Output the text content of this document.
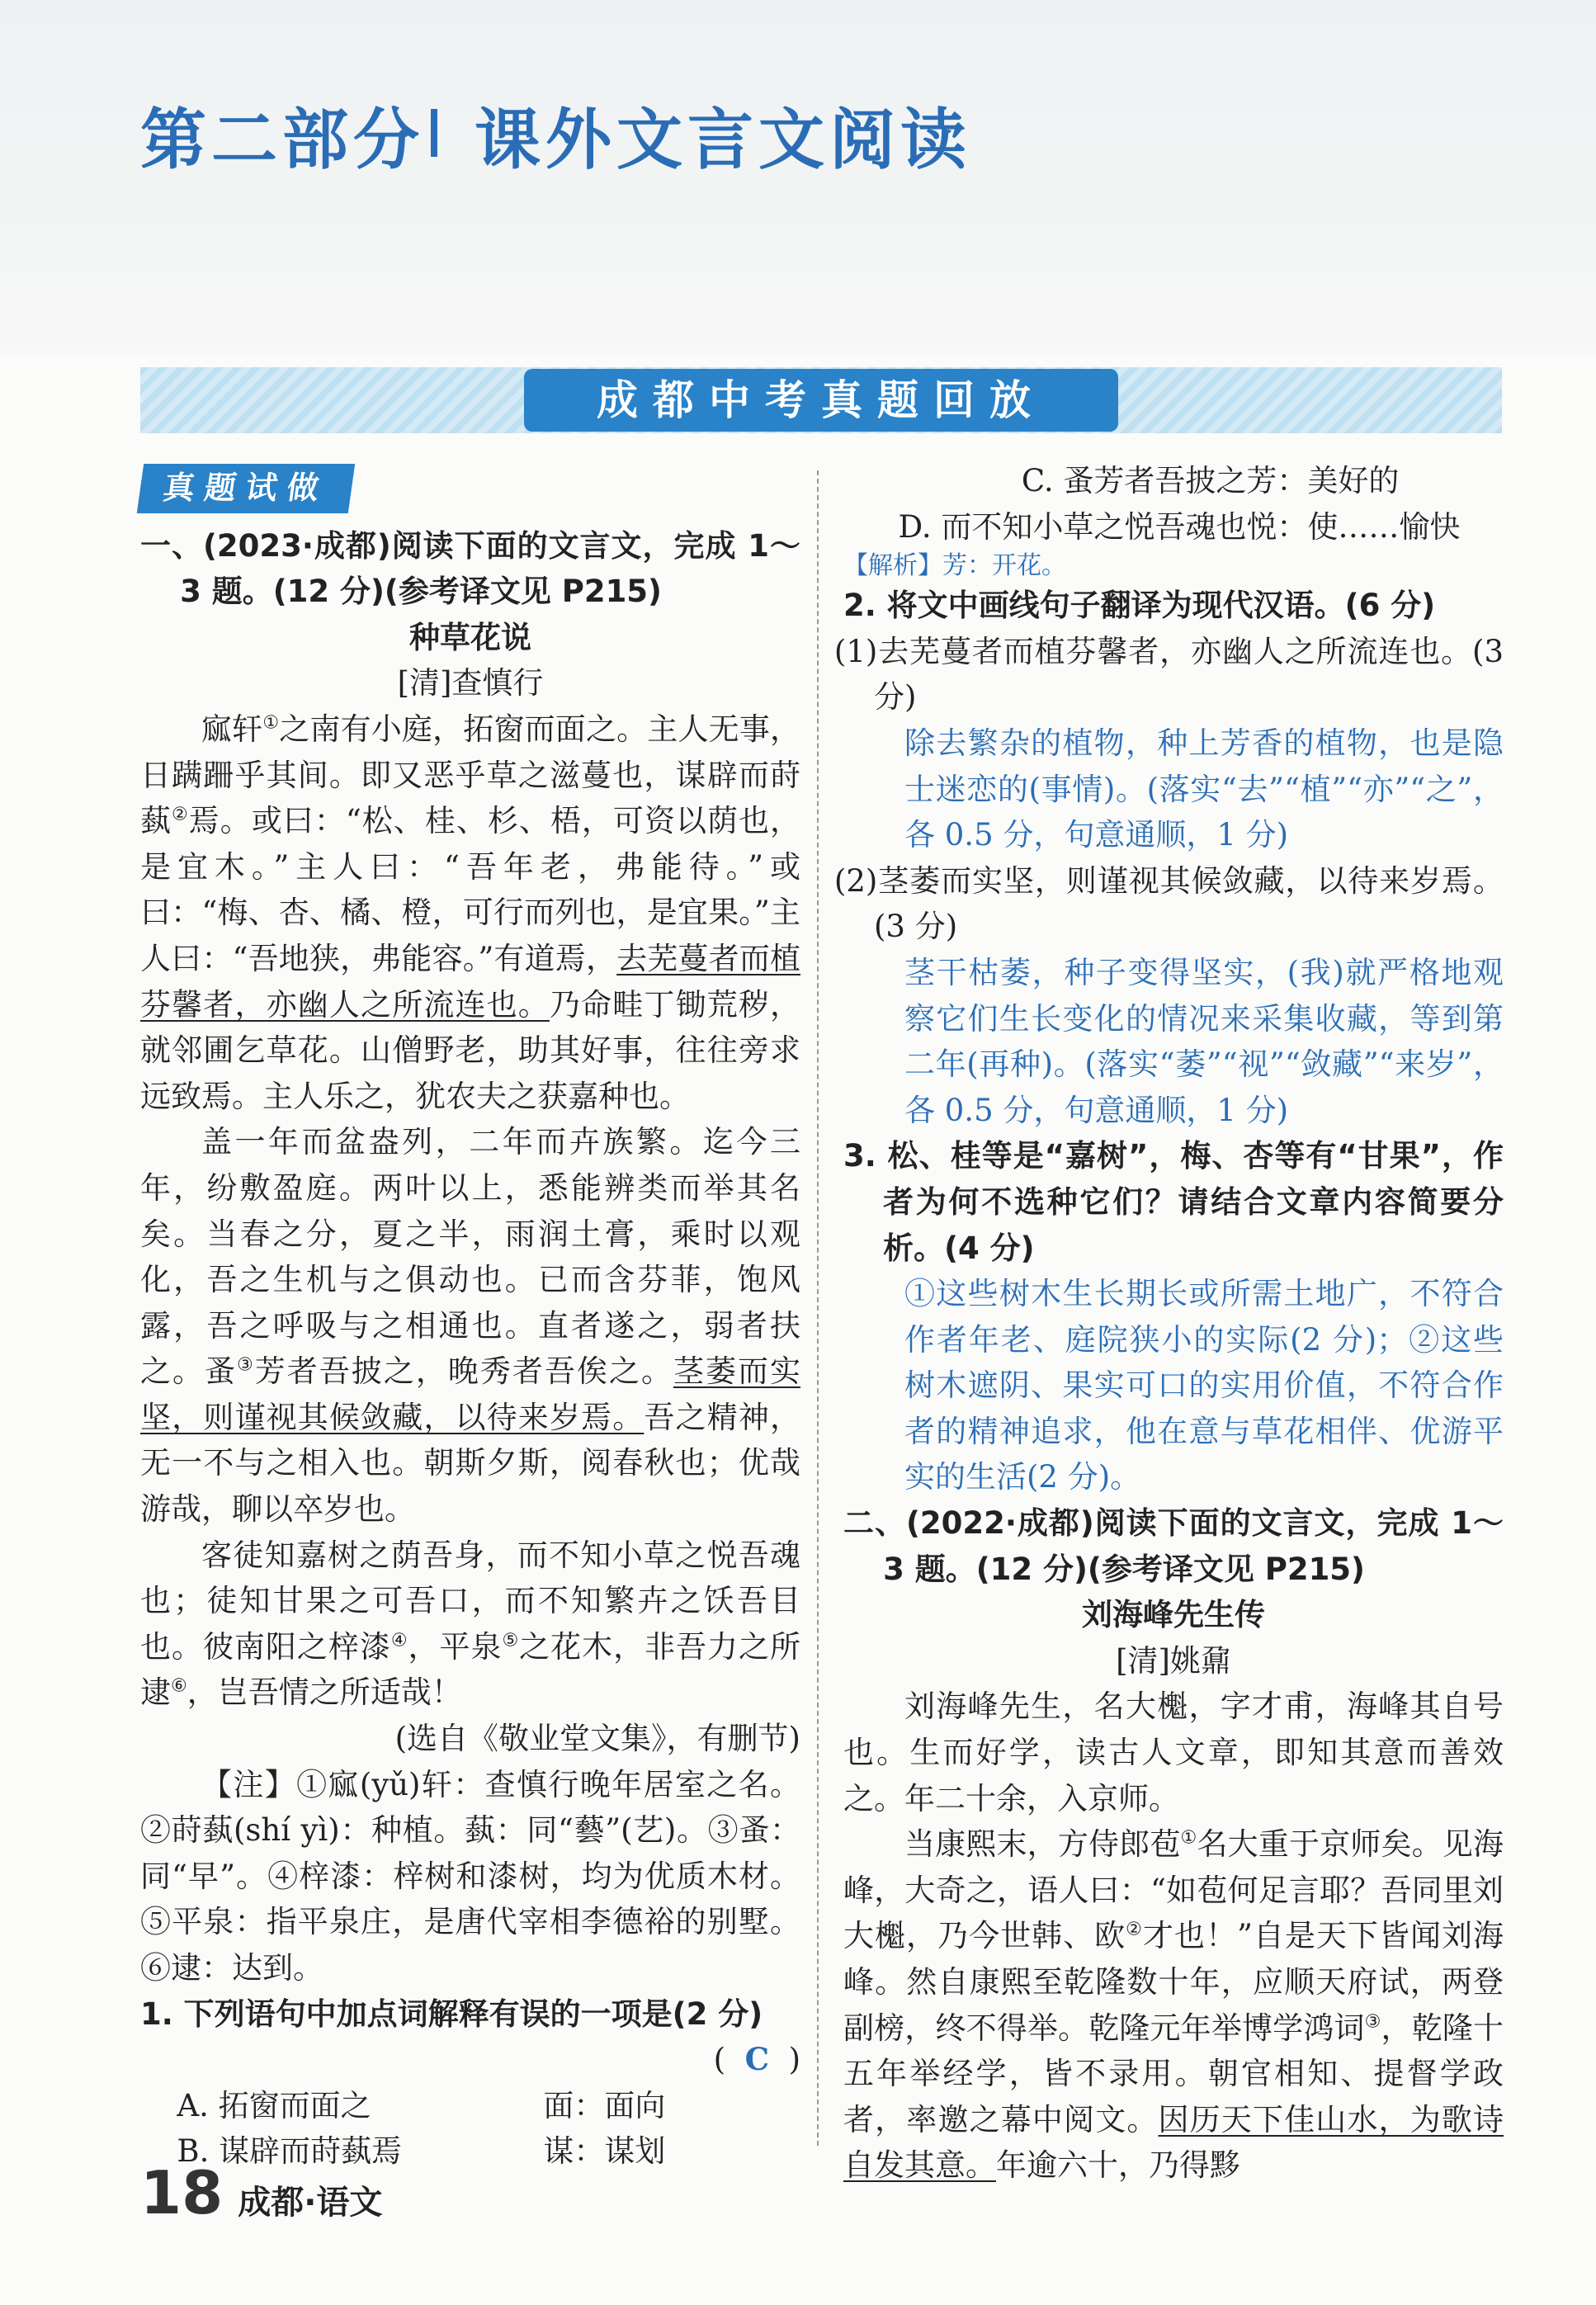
第二部分 课外文言文阅读
成都中考真题回放
真题试做

一、(2023·成都)阅读下面的文言文，完成 1～3 题。(12 分)(参考译文见 P215)

种草花说

[清]查慎行

寙轩①之南有小庭，拓窗而面之。主人无事，日蹒跚乎其间。即又恶乎草之滋蔓也，谋辟而莳蓺②焉。或曰：“松、桂、杉、梧，可资以荫也，是宜木。”主人曰：“吾年老，弗能待。”或曰：“梅、杏、橘、橙，可行而列也，是宜果。”主人曰：“吾地狭，弗能容。”有道焉，去芜蔓者而植芬馨者，亦幽人之所流连也。乃命畦丁锄荒秽，就邻圃乞草花。山僧野老，助其好事，往往旁求远致焉。主人乐之，犹农夫之获嘉种也。

盖一年而盆盎列，二年而卉族繁。迄今三年，纷敷盈庭。两叶以上，悉能辨类而举其名矣。当春之分，夏之半，雨润土膏，乘时以观化，吾之生机与之俱动也。已而含芬菲，饱风露，吾之呼吸与之相通也。直者遂之，弱者扶之。蚤③芳者吾披之，晚秀者吾俟之。茎萎而实坚，则谨视其候敛藏，以待来岁焉。吾之精神，无一不与之相入也。朝斯夕斯，阅春秋也；优哉游哉，聊以卒岁也。

客徒知嘉树之荫吾身，而不知小草之悦吾魂也；徒知甘果之可吾口，而不知繁卉之饫吾目也。彼南阳之梓漆④，平泉⑤之花木，非吾力之所逮⑥，岂吾情之所适哉！

(选自《敬业堂文集》，有删节)

【注】①寙(yǔ)轩：查慎行晚年居室之名。②莳蓺(shí yì)：种植。蓺：同“藝”(艺)。③蚤：同“早”。④梓漆：梓树和漆树，均为优质木材。⑤平泉：指平泉庄，是唐代宰相李德裕的别墅。⑥逮：达到。

1. 下列语句中加点词解释有误的一项是(2 分)

( C )

A. 拓窗而面之	面：面向
B. 谋辟而莳蓺焉	谋：谋划
C. 蚤芳者吾披之 芳：美好的
D. 而不知小草之悦吾魂也 悦：使……愉快

【解析】芳：开花。

2. 将文中画线句子翻译为现代汉语。(6 分)

(1)去芜蔓者而植芬馨者，亦幽人之所流连也。(3 分)

除去繁杂的植物，种上芳香的植物，也是隐士迷恋的(事情)。(落实“去”“植”“亦”“之”，各 0.5 分，句意通顺，1 分)

(2)茎萎而实坚，则谨视其候敛藏，以待来岁焉。(3 分)

茎干枯萎，种子变得坚实，(我)就严格地观察它们生长变化的情况来采集收藏，等到第二年(再种)。(落实“萎”“视”“敛藏”“来岁”，各 0.5 分，句意通顺，1 分)

3. 松、桂等是“嘉树”，梅、杏等有“甘果”，作者为何不选种它们？请结合文章内容简要分析。(4 分)

①这些树木生长期长或所需土地广，不符合作者年老、庭院狭小的实际(2 分)；②这些树木遮阴、果实可口的实用价值，不符合作者的精神追求，他在意与草花相伴、优游平实的生活(2 分)。

二、(2022·成都)阅读下面的文言文，完成 1～3 题。(12 分)(参考译文见 P215)

刘海峰先生传

[清]姚鼐

刘海峰先生，名大櫆，字才甫，海峰其自号也。生而好学，读古人文章，即知其意而善效之。年二十余，入京师。

当康熙末，方侍郎苞①名大重于京师矣。见海峰，大奇之，语人曰：“如苞何足言耶？吾同里刘大櫆，乃今世韩、欧②才也！”自是天下皆闻刘海峰。然自康熙至乾隆数十年，应顺天府试，两登副榜，终不得举。乾隆元年举博学鸿词③，乾隆十五年举经学，皆不录用。朝官相知、提督学政者，率邀之幕中阅文。因历天下佳山水，为歌诗自发其意。年逾六十，乃得黟

18 成都·语文
